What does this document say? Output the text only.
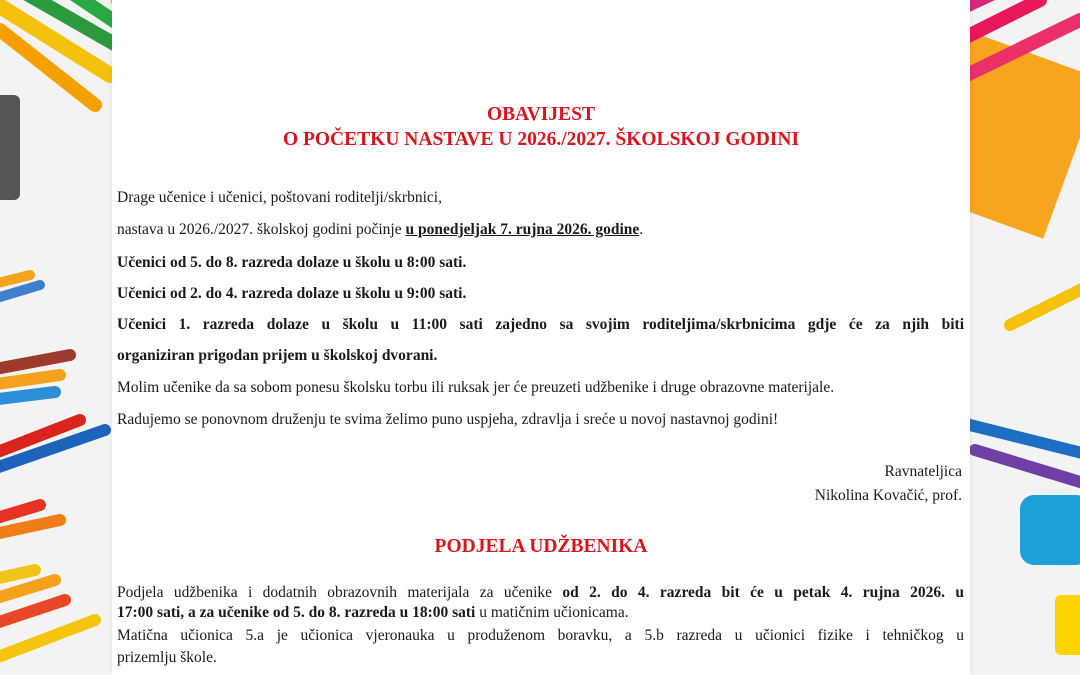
OBAVIJEST
O POČETKU NASTAVE U 2026./2027. ŠKOLSKOJ GODINI
Drage učenice i učenici, poštovani roditelji/skrbnici,
nastava u 2026./2027. školskoj godini počinje u ponedjeljak 7. rujna 2026. godine.
Učenici od 5. do 8. razreda dolaze u školu u 8:00 sati.
Učenici od 2. do 4. razreda dolaze u školu u 9:00 sati.
Učenici 1. razreda dolaze u školu u 11:00 sati zajedno sa svojim roditeljima/skrbnicima gdje će za njih biti
organiziran prigodan prijem u školskoj dvorani.
Molim učenike da sa sobom ponesu školsku torbu ili ruksak jer će preuzeti udžbenike i druge obrazovne materijale.
Radujemo se ponovnom druženju te svima želimo puno uspjeha, zdravlja i sreće u novoj nastavnoj godini!
Ravnateljica
Nikolina Kovačić, prof.
PODJELA UDŽBENIKA
Podjela udžbenika i dodatnih obrazovnih materijala za učenike od 2. do 4. razreda bit će u petak 4. rujna 2026. u
17:00 sati, a za učenike od 5. do 8. razreda u 18:00 sati u matičnim učionicama.
Matična učionica 5.a je učionica vjeronauka u produženom boravku, a 5.b razreda u učionici fizike i tehničkog u
prizemlju škole.
